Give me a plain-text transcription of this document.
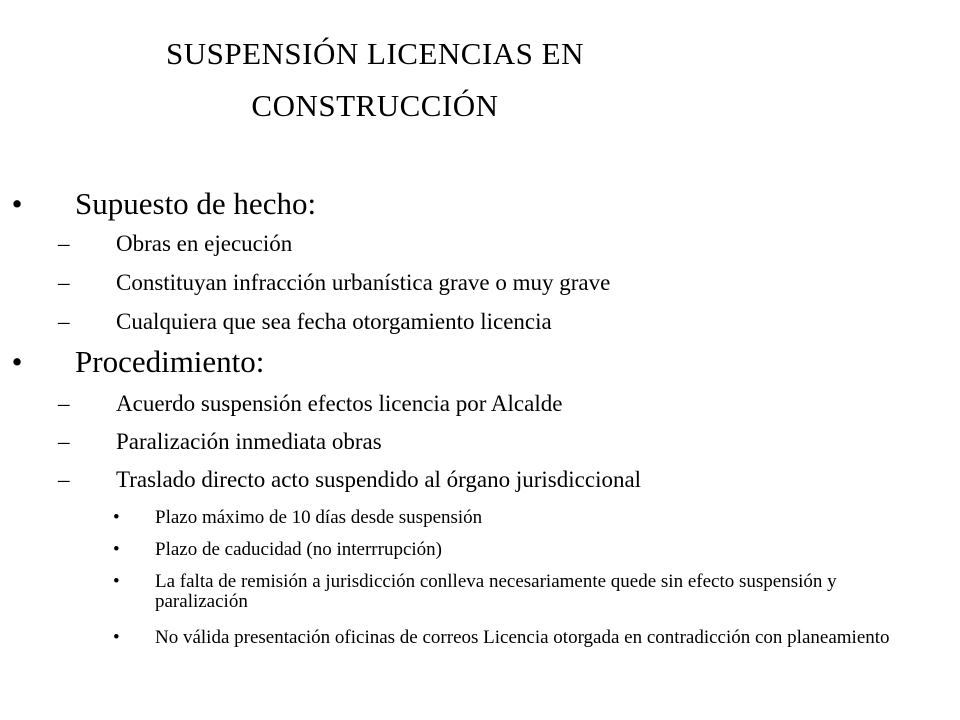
SUSPENSIÓN LICENCIAS EN
CONSTRUCCIÓN
•	Supuesto de hecho:
– Obras en ejecución
– Constituyan infracción urbanística grave o muy grave
– Cualquiera que sea fecha otorgamiento licencia
•	Procedimiento:
– Acuerdo suspensión efectos licencia por Alcalde
– Paralización inmediata obras
– Traslado directo acto suspendido al órgano jurisdiccional
• Plazo máximo de 10 días desde suspensión
• Plazo de caducidad (no interrrupción)
• La falta de remisión a jurisdicción conlleva necesariamente quede sin efecto suspensión y paralización
• No válida presentación oficinas de correos Licencia otorgada en contradicción con planeamiento
